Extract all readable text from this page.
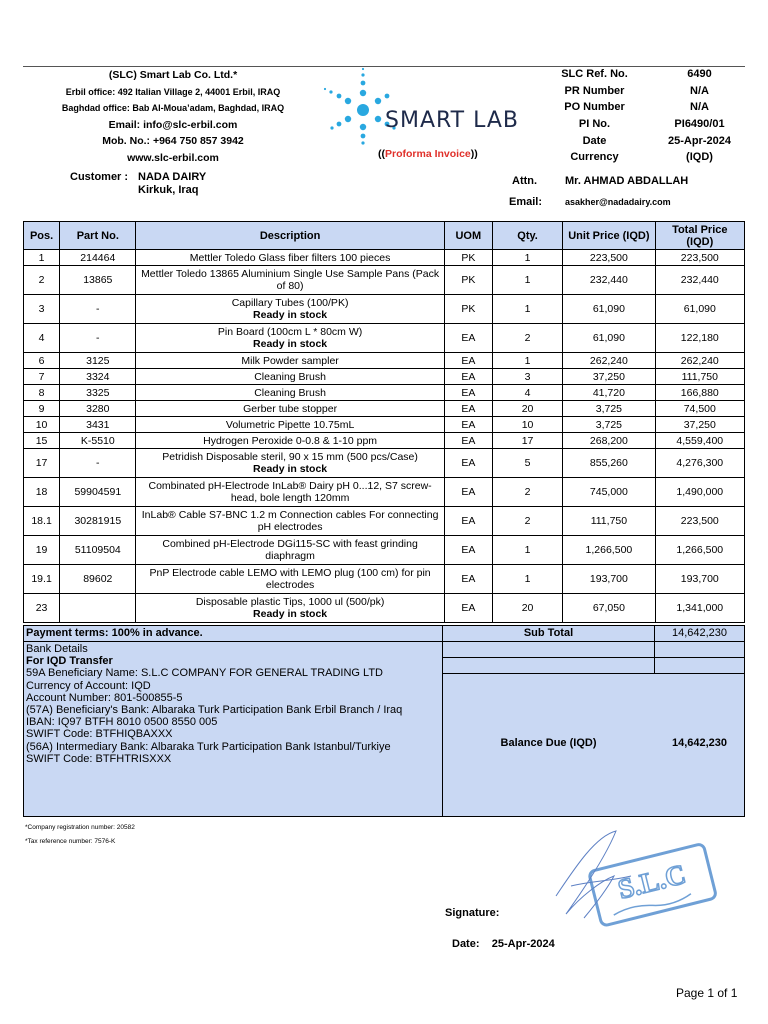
(SLC) Smart Lab Co. Ltd.*
Erbil office: 492 Italian Village 2, 44001 Erbil, IRAQ
Baghdad office: Bab Al-Moua’adam, Baghdad, IRAQ
Email: info@slc-erbil.com
Mob. No.: +964 750 857 3942
www.slc-erbil.com
SMART LAB
((Proforma Invoice))
SLC Ref. No.	6490
PR Number	N/A
PO Number	N/A
PI No.	PI6490/01
Date	25-Apr-2024
Currency	(IQD)
Customer : NADA DAIRY
Kirkuk, Iraq
Attn.	Mr. AHMAD ABDALLAH
Email:	asakher@nadadairy.com
Pos.	Part No.	Description	UOM	Qty.	Unit Price (IQD)	Total Price (IQD)
1	214464	Mettler Toledo Glass fiber filters 100 pieces	PK	1	223,500	223,500
2	13865	Mettler Toledo 13865 Aluminium Single Use Sample Pans (Pack of 80)	PK	1	232,440	232,440
3	-	Capillary Tubes (100/PK)
Ready in stock	PK	1	61,090	61,090
4	-	Pin Board (100cm L * 80cm W)
Ready in stock	EA	2	61,090	122,180
6	3125	Milk Powder sampler	EA	1	262,240	262,240
7	3324	Cleaning Brush	EA	3	37,250	111,750
8	3325	Cleaning Brush	EA	4	41,720	166,880
9	3280	Gerber tube stopper	EA	20	3,725	74,500
10	3431	Volumetric Pipette 10.75mL	EA	10	3,725	37,250
15	K-5510	Hydrogen Peroxide 0-0.8 & 1-10 ppm	EA	17	268,200	4,559,400
17	-	Petridish Disposable steril, 90 x 15 mm (500 pcs/Case)
Ready in stock	EA	5	855,260	4,276,300
18	59904591	Combinated pH-Electrode InLab® Dairy pH 0...12, S7 screw-head, bole length 120mm	EA	2	745,000	1,490,000
18.1	30281915	InLab® Cable S7-BNC 1.2 m Connection cables For connecting pH electrodes	EA	2	111,750	223,500
19	51109504	Combined pH-Electrode DGi115-SC with feast grinding diaphragm	EA	1	1,266,500	1,266,500
19.1	89602	PnP Electrode cable LEMO with LEMO plug (100 cm) for pin electrodes	EA	1	193,700	193,700
23		Disposable plastic Tips, 1000 ul (500/pk)
Ready in stock	EA	20	67,050	1,341,000
Payment terms: 100% in advance.	Sub Total	14,642,230
Bank Details
For IQD Transfer
59A Beneficiary Name: S.L.C COMPANY FOR GENERAL TRADING LTD
Currency of Account: IQD
Account Number: 801-500855-5
(57A) Beneficiary's Bank: Albaraka Turk Participation Bank Erbil Branch / Iraq
IBAN: IQ97 BTFH 8010 0500 8550 005
SWIFT Code: BTFHIQBAXXX
(56A) Intermediary Bank: Albaraka Turk Participation Bank Istanbul/Turkiye
SWIFT Code: BTFHTRISXXX
Balance Due (IQD)	14,642,230
*Company registration number: 20582
*Tax reference number: 7576-K
S.L.C
Signature:
Date: 25-Apr-2024
Page 1 of 1
